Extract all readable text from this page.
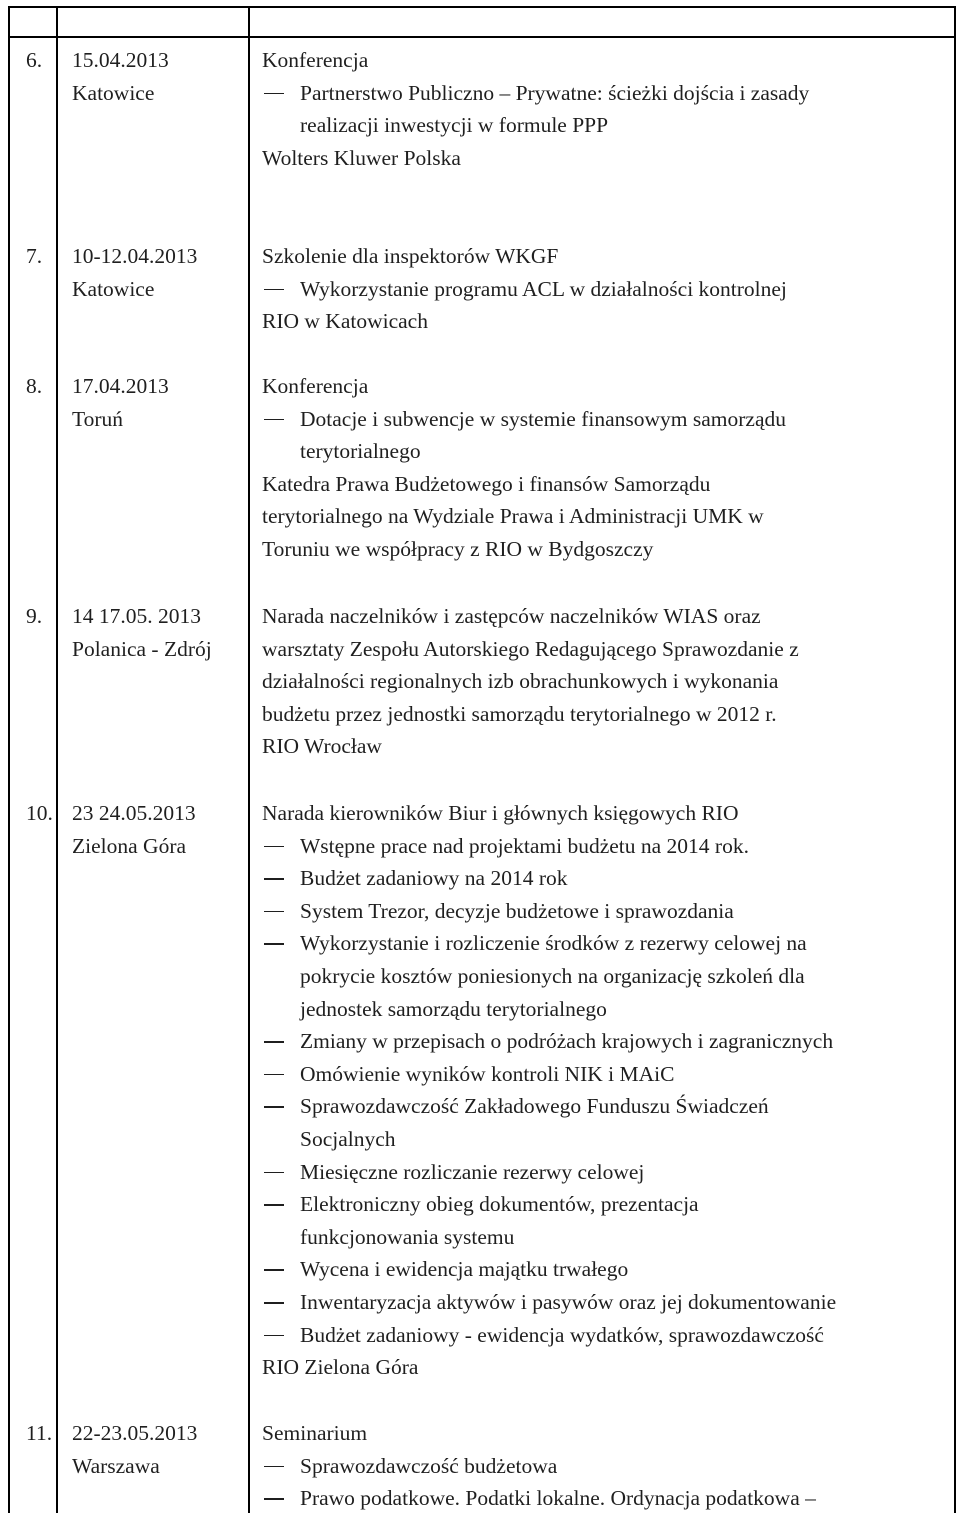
6. 15.04.2013
Katowice
Konferencja
Partnerstwo Publiczno – Prywatne: ścieżki dojścia i zasady
realizacji inwestycji w formule PPP
Wolters Kluwer Polska
7. 10-12.04.2013
Katowice
Szkolenie dla inspektorów WKGF
Wykorzystanie programu ACL w działalności kontrolnej
RIO w Katowicach
8. 17.04.2013
Toruń
Konferencja
Dotacje i subwencje w systemie finansowym samorządu
terytorialnego
Katedra Prawa Budżetowego i finansów Samorządu
terytorialnego na Wydziale Prawa i Administracji UMK w
Toruniu we współpracy z RIO w Bydgoszczy
9. 14 17.05. 2013
Polanica - Zdrój
Narada naczelników i zastępców naczelników WIAS oraz
warsztaty Zespołu Autorskiego Redagującego Sprawozdanie z
działalności regionalnych izb obrachunkowych i wykonania
budżetu przez jednostki samorządu terytorialnego w 2012 r.
RIO Wrocław
10. 23 24.05.2013
Zielona Góra
Narada kierowników Biur i głównych księgowych RIO
Wstępne prace nad projektami budżetu na 2014 rok.
Budżet zadaniowy na 2014 rok
System Trezor, decyzje budżetowe i sprawozdania
Wykorzystanie i rozliczenie środków z rezerwy celowej na
pokrycie kosztów poniesionych na organizację szkoleń dla
jednostek samorządu terytorialnego
Zmiany w przepisach o podróżach krajowych i zagranicznych
Omówienie wyników kontroli NIK i MAiC
Sprawozdawczość Zakładowego Funduszu Świadczeń
Socjalnych
Miesięczne rozliczanie rezerwy celowej
Elektroniczny obieg dokumentów, prezentacja
funkcjonowania systemu
Wycena i ewidencja majątku trwałego
Inwentaryzacja aktywów i pasywów oraz jej dokumentowanie
Budżet zadaniowy - ewidencja wydatków, sprawozdawczość
RIO Zielona Góra
11. 22-23.05.2013
Warszawa
Seminarium
Sprawozdawczość budżetowa
Prawo podatkowe. Podatki lokalne. Ordynacja podatkowa –
